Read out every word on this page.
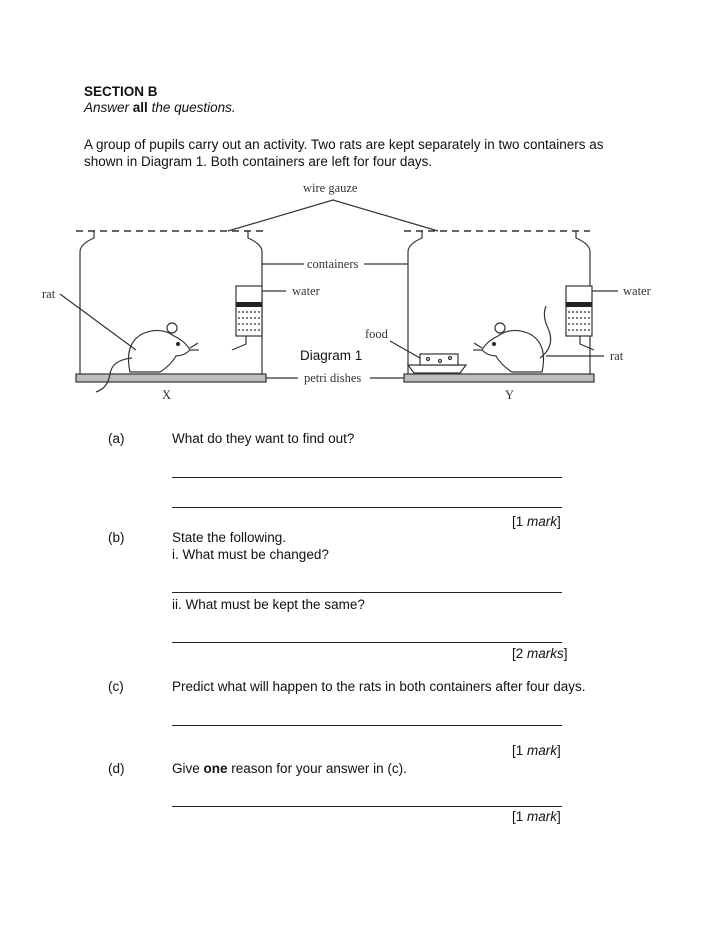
SECTION B
Answer all the questions.
A group of pupils carry out an activity. Two rats are kept separately in two containers as
shown in Diagram 1. Both containers are left for four days.
wire gauze
containers
water	water
rat
rat
food
petri dishes
X	Y
Diagram 1
(a)	What do they want to find out?
[1 mark]
(b)	State the following.
i. What must be changed?
ii. What must be kept the same?
[2 marks]
(c)	Predict what will happen to the rats in both containers after four days.
[1 mark]
(d)	Give one reason for your answer in (c).
[1 mark]
